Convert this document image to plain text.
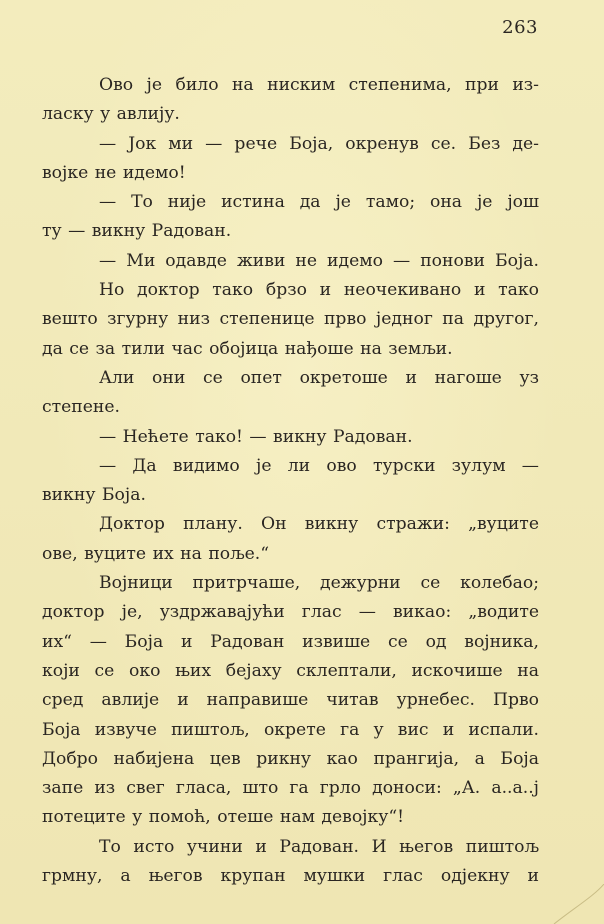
263
Ово је било на ниским степенима, при из-
ласку у авлију.
— Јок ми — рече Боја, окренув се. Без де-
војке не идемо!
— То није истина да је тамо; она је још
ту — викну Радован.
— Ми одавде живи не идемо — понови Боја.
Но доктор тако брзо и неочекивано и тако
вешто згурну низ степенице прво једног па другог,
да се за тили час обојица нађоше на земљи.
Али они се опет окретоше и нагоше уз
степене.
— Нећете тако! — викну Радован.
— Да видимо је ли ово турски зулум —
викну Боја.
Доктор плану. Он викну стражи: „вуците
ове, вуците их на поље.“
Војници притрчаше, дежурни се колебао;
доктор је, уздржавајући глас — викао: „водите
их“ — Боја и Радован извише се од војника,
који се око њих бејаху склептали, искочише на
сред авлије и направише читав урнебес. Прво
Боја извуче пиштољ, окрете га у вис и испали.
Добро набијена цев рикну као прангија, а Боја
запе из свег гласа, што га грло доноси: „А. а..а..ј
потеците у помоћ, отеше нам девојку“!
То исто учини и Радован. И његов пиштољ
грмну, а његов крупан мушки глас одјекну и
